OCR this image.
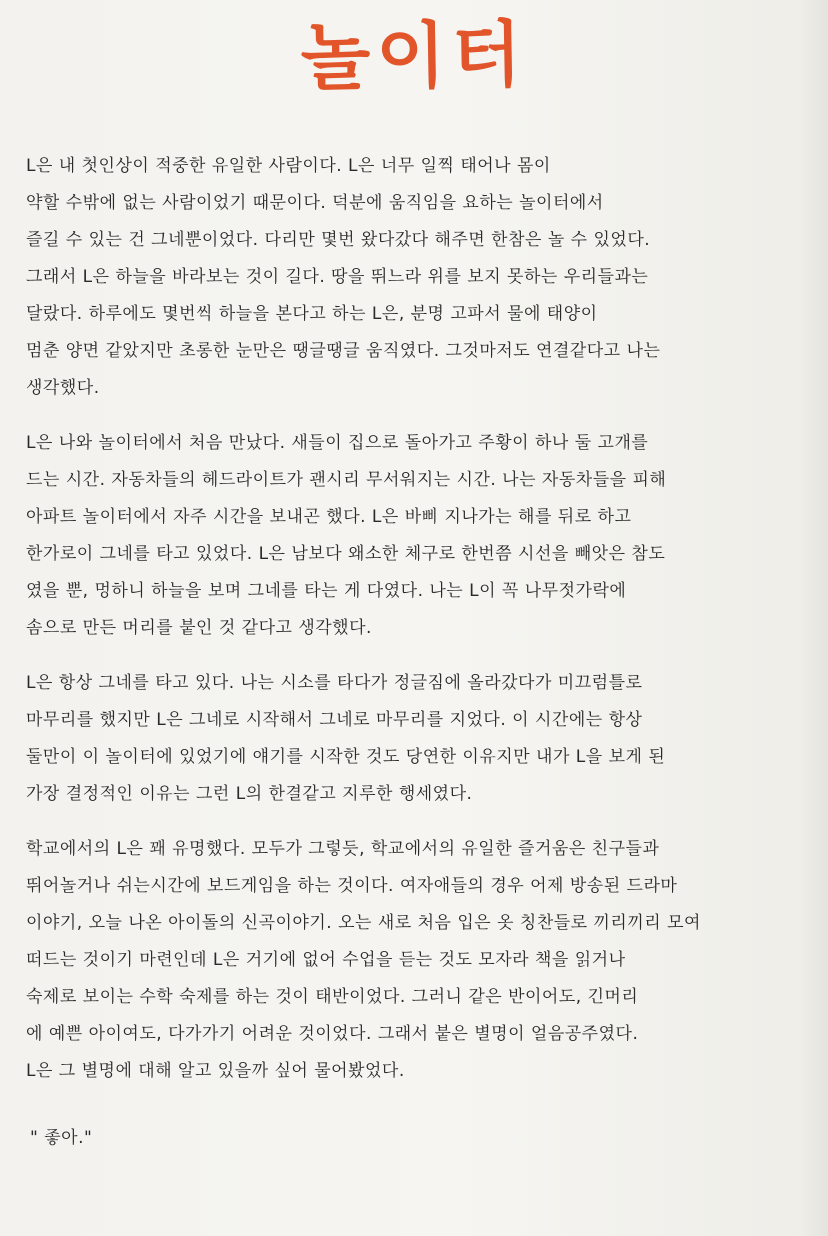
놀이터
L은 내 첫인상이 적중한 유일한 사람이다. L은 너무 일찍 태어나 몸이
약할 수밖에 없는 사람이었기 때문이다. 덕분에 움직임을 요하는 놀이터에서
즐길 수 있는 건 그네뿐이었다. 다리만 몇번 왔다갔다 해주면 한참은 놀 수 있었다.
그래서 L은 하늘을 바라보는 것이 길다. 땅을 뛰느라 위를 보지 못하는 우리들과는
달랐다. 하루에도 몇번씩 하늘을 본다고 하는 L은, 분명 고파서 물에 태양이
멈춘 양면 같았지만 초롱한 눈만은 땡글땡글 움직였다. 그것마저도 연결같다고 나는
생각했다.
L은 나와 놀이터에서 처음 만났다. 새들이 집으로 돌아가고 주황이 하나 둘 고개를
드는 시간. 자동차들의 헤드라이트가 괜시리 무서워지는 시간. 나는 자동차들을 피해
아파트 놀이터에서 자주 시간을 보내곤 했다. L은 바삐 지나가는 해를 뒤로 하고
한가로이 그네를 타고 있었다. L은 남보다 왜소한 체구로 한번쯤 시선을 빼앗은 참도
였을 뿐, 멍하니 하늘을 보며 그네를 타는 게 다였다. 나는 L이 꼭 나무젓가락에
솜으로 만든 머리를 붙인 것 같다고 생각했다.
L은 항상 그네를 타고 있다. 나는 시소를 타다가 정글짐에 올라갔다가 미끄럼틀로
마무리를 했지만 L은 그네로 시작해서 그네로 마무리를 지었다. 이 시간에는 항상
둘만이 이 놀이터에 있었기에 얘기를 시작한 것도 당연한 이유지만 내가 L을 보게 된
가장 결정적인 이유는 그런 L의 한결같고 지루한 행세였다.
학교에서의 L은 꽤 유명했다. 모두가 그렇듯, 학교에서의 유일한 즐거움은 친구들과
뛰어놀거나 쉬는시간에 보드게임을 하는 것이다. 여자애들의 경우 어제 방송된 드라마
이야기, 오늘 나온 아이돌의 신곡이야기. 오는 새로 처음 입은 옷 칭찬들로 끼리끼리 모여
떠드는 것이기 마련인데 L은 거기에 없어 수업을 듣는 것도 모자라 책을 읽거나
숙제로 보이는 수학 숙제를 하는 것이 태반이었다. 그러니 같은 반이어도, 긴머리
에 예쁜 아이여도, 다가가기 어려운 것이었다. 그래서 붙은 별명이 얼음공주였다.
L은 그 별명에 대해 알고 있을까 싶어 물어봤었다.
" 좋아."
